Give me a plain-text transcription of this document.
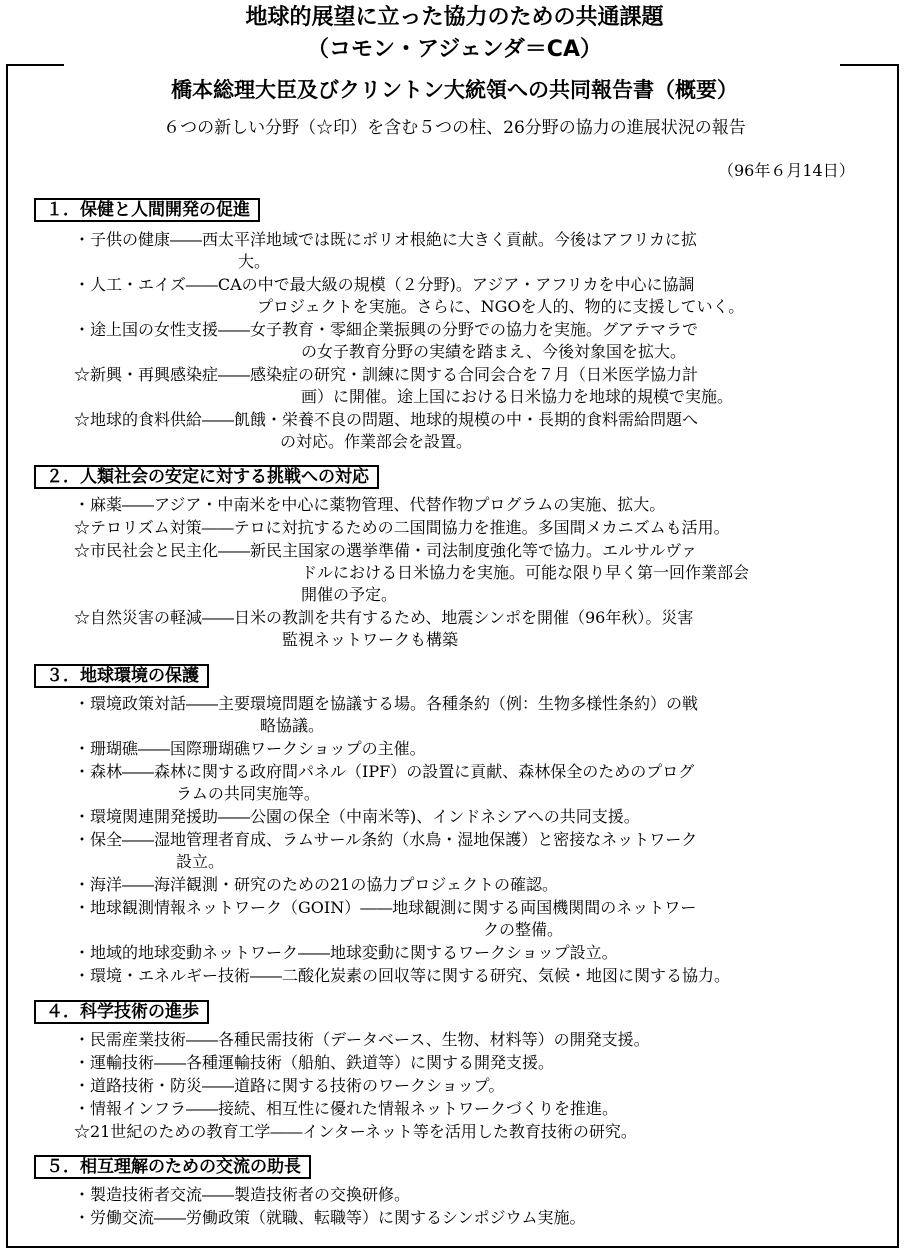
地球的展望に立った協力のための共通課題
（コモン・アジェンダ＝CA）
橋本総理大臣及びクリントン大統領への共同報告書（概要）
６つの新しい分野（☆印）を含む５つの柱、26分野の協力の進展状況の報告
（96年６月14日）
１．保健と人間開発の促進
・子供の健康――西太平洋地域では既にポリオ根絶に大きく貢献。今後はアフリカに拡
大。
・人工・エイズ――CAの中で最大級の規模（２分野)。アジア・アフリカを中心に協調
プロジェクトを実施。さらに、NGOを人的、物的に支援していく。
・途上国の女性支援――女子教育・零細企業振興の分野での協力を実施。グアテマラで
の女子教育分野の実績を踏まえ、今後対象国を拡大。
☆新興・再興感染症――感染症の研究・訓練に関する合同会合を７月（日米医学協力計
画）に開催。途上国における日米協力を地球的規模で実施。
☆地球的食料供給――飢餓・栄養不良の問題、地球的規模の中・長期的食料需給問題へ
の対応。作業部会を設置。
２．人類社会の安定に対する挑戦への対応
・麻薬――アジア・中南米を中心に薬物管理、代替作物プログラムの実施、拡大。
☆テロリズム対策――テロに対抗するための二国間協力を推進。多国間メカニズムも活用。
☆市民社会と民主化――新民主国家の選挙準備・司法制度強化等で協力。エルサルヴァ
ドルにおける日米協力を実施。可能な限り早く第一回作業部会
開催の予定。
☆自然災害の軽減――日米の教訓を共有するため、地震シンポを開催（96年秋）。災害
監視ネットワークも構築
３．地球環境の保護
・環境政策対話――主要環境問題を協議する場。各種条約（例：生物多様性条約）の戦
略協議。
・珊瑚礁――国際珊瑚礁ワークショップの主催。
・森林――森林に関する政府間パネル（IPF）の設置に貢献、森林保全のためのプログ
ラムの共同実施等。
・環境関連開発援助――公園の保全（中南米等)、インドネシアへの共同支援。
・保全――湿地管理者育成、ラムサール条約（水鳥・湿地保護）と密接なネットワーク
設立。
・海洋――海洋観測・研究のための21の協力プロジェクトの確認。
・地球観測情報ネットワーク（GOIN）――地球観測に関する両国機関間のネットワー
クの整備。
・地域的地球変動ネットワーク――地球変動に関するワークショップ設立。
・環境・エネルギー技術――二酸化炭素の回収等に関する研究、気候・地図に関する協力。
４．科学技術の進歩
・民需産業技術――各種民需技術（データベース、生物、材料等）の開発支援。
・運輸技術――各種運輸技術（船舶、鉄道等）に関する開発支援。
・道路技術・防災――道路に関する技術のワークショップ。
・情報インフラ――接続、相互性に優れた情報ネットワークづくりを推進。
☆21世紀のための教育工学――インターネット等を活用した教育技術の研究。
５．相互理解のための交流の助長
・製造技術者交流――製造技術者の交換研修。
・労働交流――労働政策（就職、転職等）に関するシンポジウム実施。
